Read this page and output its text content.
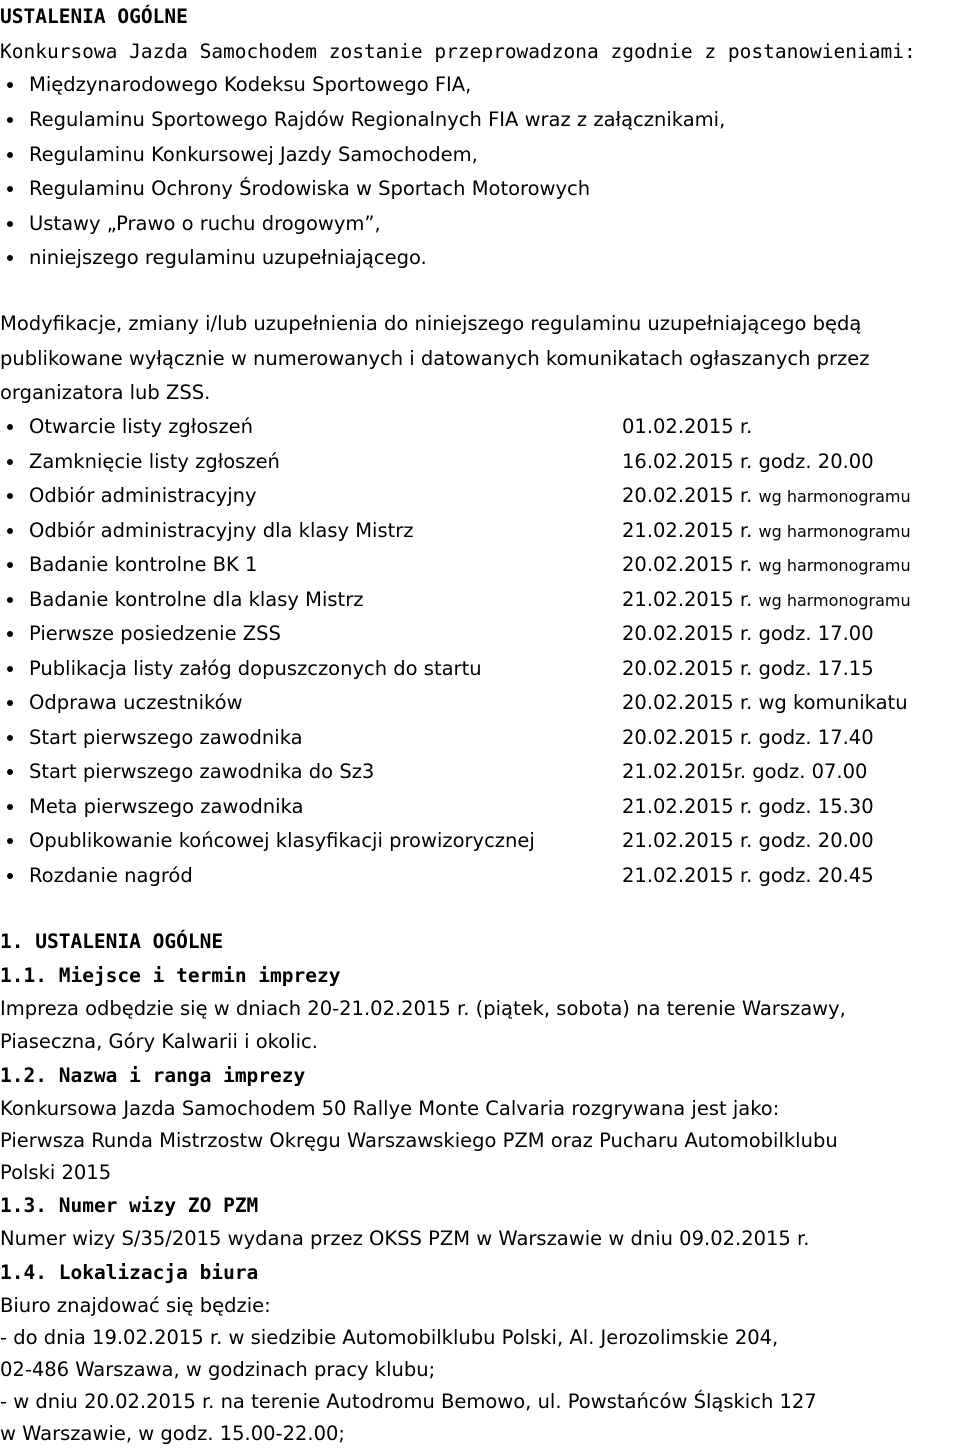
USTALENIA OGÓLNE
Konkursowa Jazda Samochodem zostanie przeprowadzona zgodnie z postanowieniami:
Międzynarodowego Kodeksu Sportowego FIA,
Regulaminu Sportowego Rajdów Regionalnych FIA wraz z załącznikami,
Regulaminu Konkursowej Jazdy Samochodem,
Regulaminu Ochrony Środowiska w Sportach Motorowych
Ustawy „Prawo o ruchu drogowym”,
niniejszego regulaminu uzupełniającego.
Modyfikacje, zmiany i/lub uzupełnienia do niniejszego regulaminu uzupełniającego będą
publikowane wyłącznie w numerowanych i datowanych komunikatach ogłaszanych przez
organizatora lub ZSS.
Otwarcie listy zgłoszeń	01.02.2015 r.
Zamknięcie listy zgłoszeń	16.02.2015 r. godz. 20.00
Odbiór administracyjny	20.02.2015 r. wg harmonogramu
Odbiór administracyjny dla klasy Mistrz	21.02.2015 r. wg harmonogramu
Badanie kontrolne BK 1	20.02.2015 r. wg harmonogramu
Badanie kontrolne dla klasy Mistrz	21.02.2015 r. wg harmonogramu
Pierwsze posiedzenie ZSS	20.02.2015 r. godz. 17.00
Publikacja listy załóg dopuszczonych do startu	20.02.2015 r. godz. 17.15
Odprawa uczestników	20.02.2015 r. wg komunikatu
Start pierwszego zawodnika	20.02.2015 r. godz. 17.40
Start pierwszego zawodnika do Sz3	21.02.2015r. godz. 07.00
Meta pierwszego zawodnika	21.02.2015 r. godz. 15.30
Opublikowanie końcowej klasyfikacji prowizorycznej	21.02.2015 r. godz. 20.00
Rozdanie nagród	21.02.2015 r. godz. 20.45
1. USTALENIA OGÓLNE
1.1. Miejsce i termin imprezy
Impreza odbędzie się w dniach 20-21.02.2015 r. (piątek, sobota) na terenie Warszawy,
Piaseczna, Góry Kalwarii i okolic.
1.2. Nazwa i ranga imprezy
Konkursowa Jazda Samochodem 50 Rallye Monte Calvaria rozgrywana jest jako:
Pierwsza Runda Mistrzostw Okręgu Warszawskiego PZM oraz Pucharu Automobilklubu
Polski 2015
1.3. Numer wizy ZO PZM
Numer wizy S/35/2015 wydana przez OKSS PZM w Warszawie w dniu 09.02.2015 r.
1.4. Lokalizacja biura
Biuro znajdować się będzie:
- do dnia 19.02.2015 r. w siedzibie Automobilklubu Polski, Al. Jerozolimskie 204,
02-486 Warszawa, w godzinach pracy klubu;
- w dniu 20.02.2015 r. na terenie Autodromu Bemowo, ul. Powstańców Śląskich 127
w Warszawie, w godz. 15.00-22.00;
